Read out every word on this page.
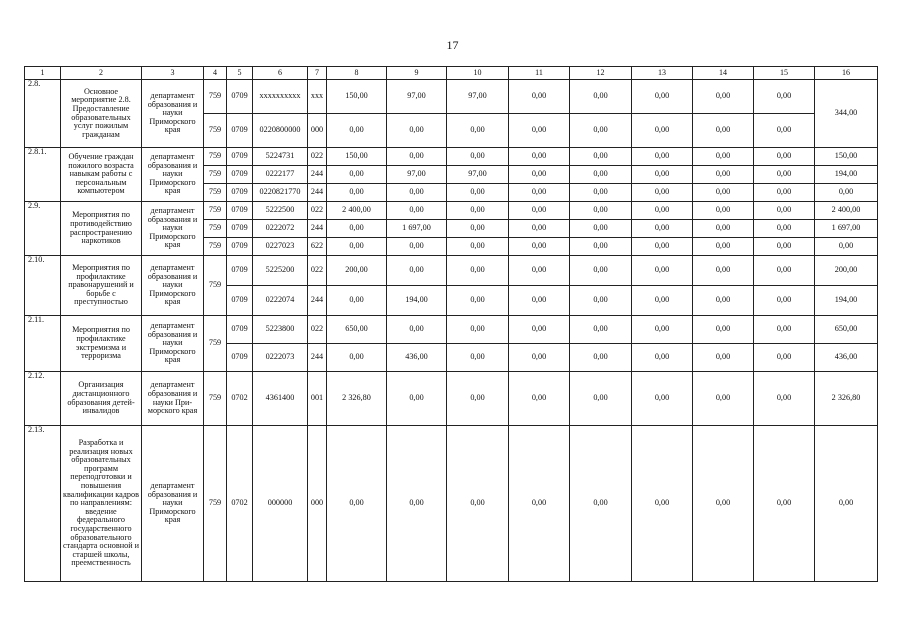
17
1	2	3	4	5	6	7	8	9	10	11	12	13	14	15	16
2.8.	Основное мероприятие 2.8. Предоставление образовательных услуг пожилым гражданам	департамент образования и науки Приморского края	759	0709	xxxxxxxxxx	xxx	150,00	97,00	97,00	0,00	0,00	0,00	0,00	0,00	344,00
			759	0709	0220800000	000	0,00	0,00	0,00	0,00	0,00	0,00	0,00	0,00	
2.8.1.	Обучение граждан пожилого возраста навыкам работы с персональным компьютером	департамент образования и науки Приморского края	759	0709	5224731	022	150,00	0,00	0,00	0,00	0,00	0,00	0,00	0,00	150,00
			759	0709	0222177	244	0,00	97,00	97,00	0,00	0,00	0,00	0,00	0,00	194,00
			759	0709	0220821770	244	0,00	0,00	0,00	0,00	0,00	0,00	0,00	0,00	0,00
2.9.	Мероприятия по противодействию распространению наркотиков	департамент образования и науки Приморского края	759	0709	5222500	022	2 400,00	0,00	0,00	0,00	0,00	0,00	0,00	0,00	2 400,00
			759	0709	0222072	244	0,00	1 697,00	0,00	0,00	0,00	0,00	0,00	0,00	1 697,00
			759	0709	0227023	622	0,00	0,00	0,00	0,00	0,00	0,00	0,00	0,00	0,00
2.10.	Мероприятия по профилактике правонарушений и борьбе с преступностью	департамент образования и науки Приморского края	759	0709	5225200	022	200,00	0,00	0,00	0,00	0,00	0,00	0,00	0,00	200,00
				0709	0222074	244	0,00	194,00	0,00	0,00	0,00	0,00	0,00	0,00	194,00
2.11.	Мероприятия по профилактике экстремизма и терроризма	департамент образования и науки Приморского края	759	0709	5223800	022	650,00	0,00	0,00	0,00	0,00	0,00	0,00	0,00	650,00
				0709	0222073	244	0,00	436,00	0,00	0,00	0,00	0,00	0,00	0,00	436,00
2.12.	Организация дистанционного образования детей-инвалидов	департамент образования и науки При-морского края	759	0702	4361400	001	2 326,80	0,00	0,00	0,00	0,00	0,00	0,00	0,00	2 326,80
2.13.	Разработка и реализация новых образовательных программ переподготовки и повышения квалификации кадров по направлениям: введение федерального государственного образовательного стандарта основной и старшей школы, преемственность	департамент образования и науки Приморского края	759	0702	000000	000	0,00	0,00	0,00	0,00	0,00	0,00	0,00	0,00	0,00
